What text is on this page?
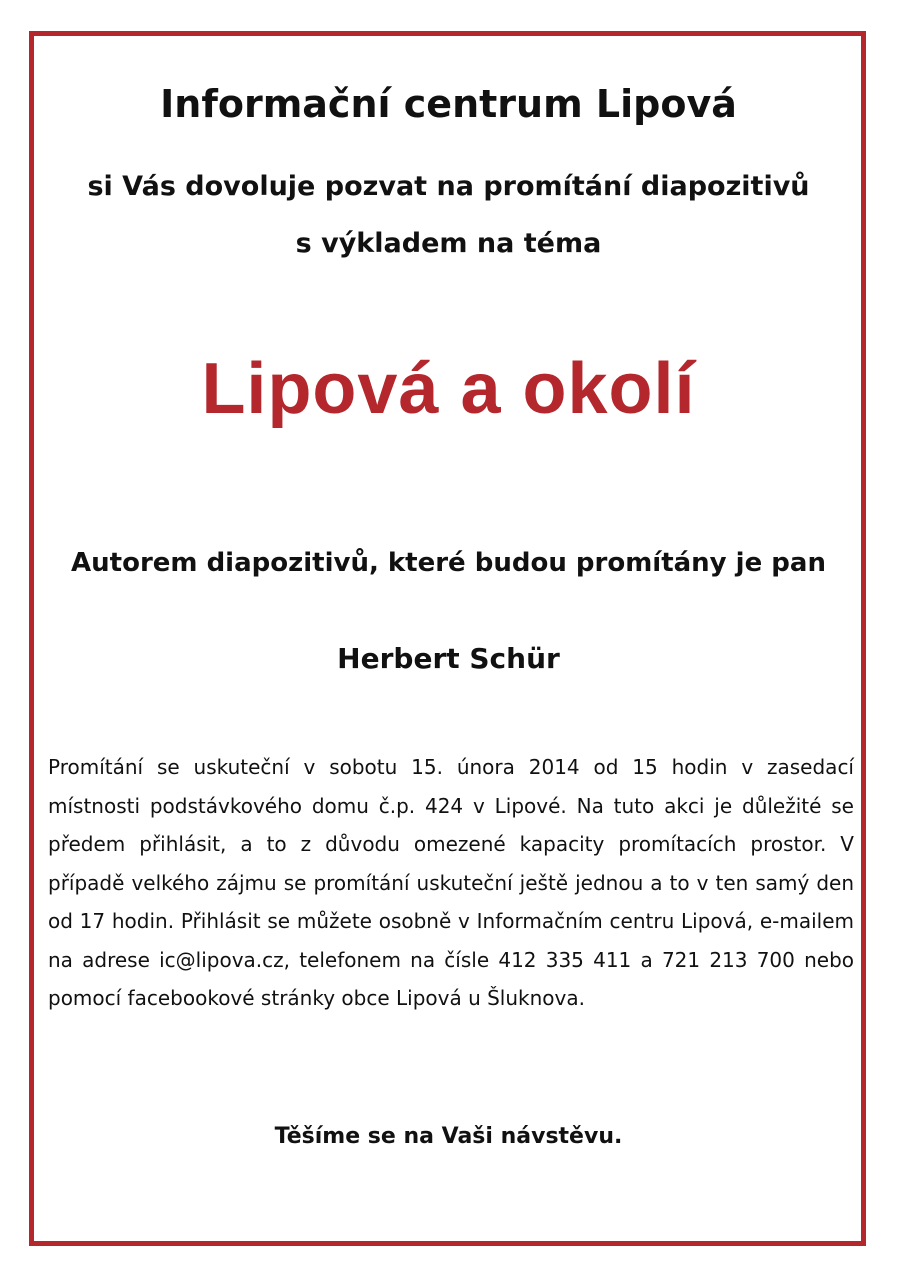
Informační centrum Lipová
si Vás dovoluje pozvat na promítání diapozitivů
s výkladem na téma
Lipová a okolí
Autorem diapozitivů, které budou promítány je pan
Herbert Schür
Promítání se uskuteční v sobotu 15. února 2014 od 15 hodin v zasedací místnosti podstávkového domu č.p. 424 v Lipové. Na tuto akci je důležité se předem přihlásit, a to z důvodu omezené kapacity promítacích prostor. V případě velkého zájmu se promítání uskuteční ještě jednou a to v ten samý den od 17 hodin. Přihlásit se můžete osobně v Informačním centru Lipová, e-mailem na adrese ic@lipova.cz, telefonem na čísle 412 335 411 a 721 213 700 nebo pomocí facebookové stránky obce Lipová u Šluknova.
Těšíme se na Vaši návstěvu.
